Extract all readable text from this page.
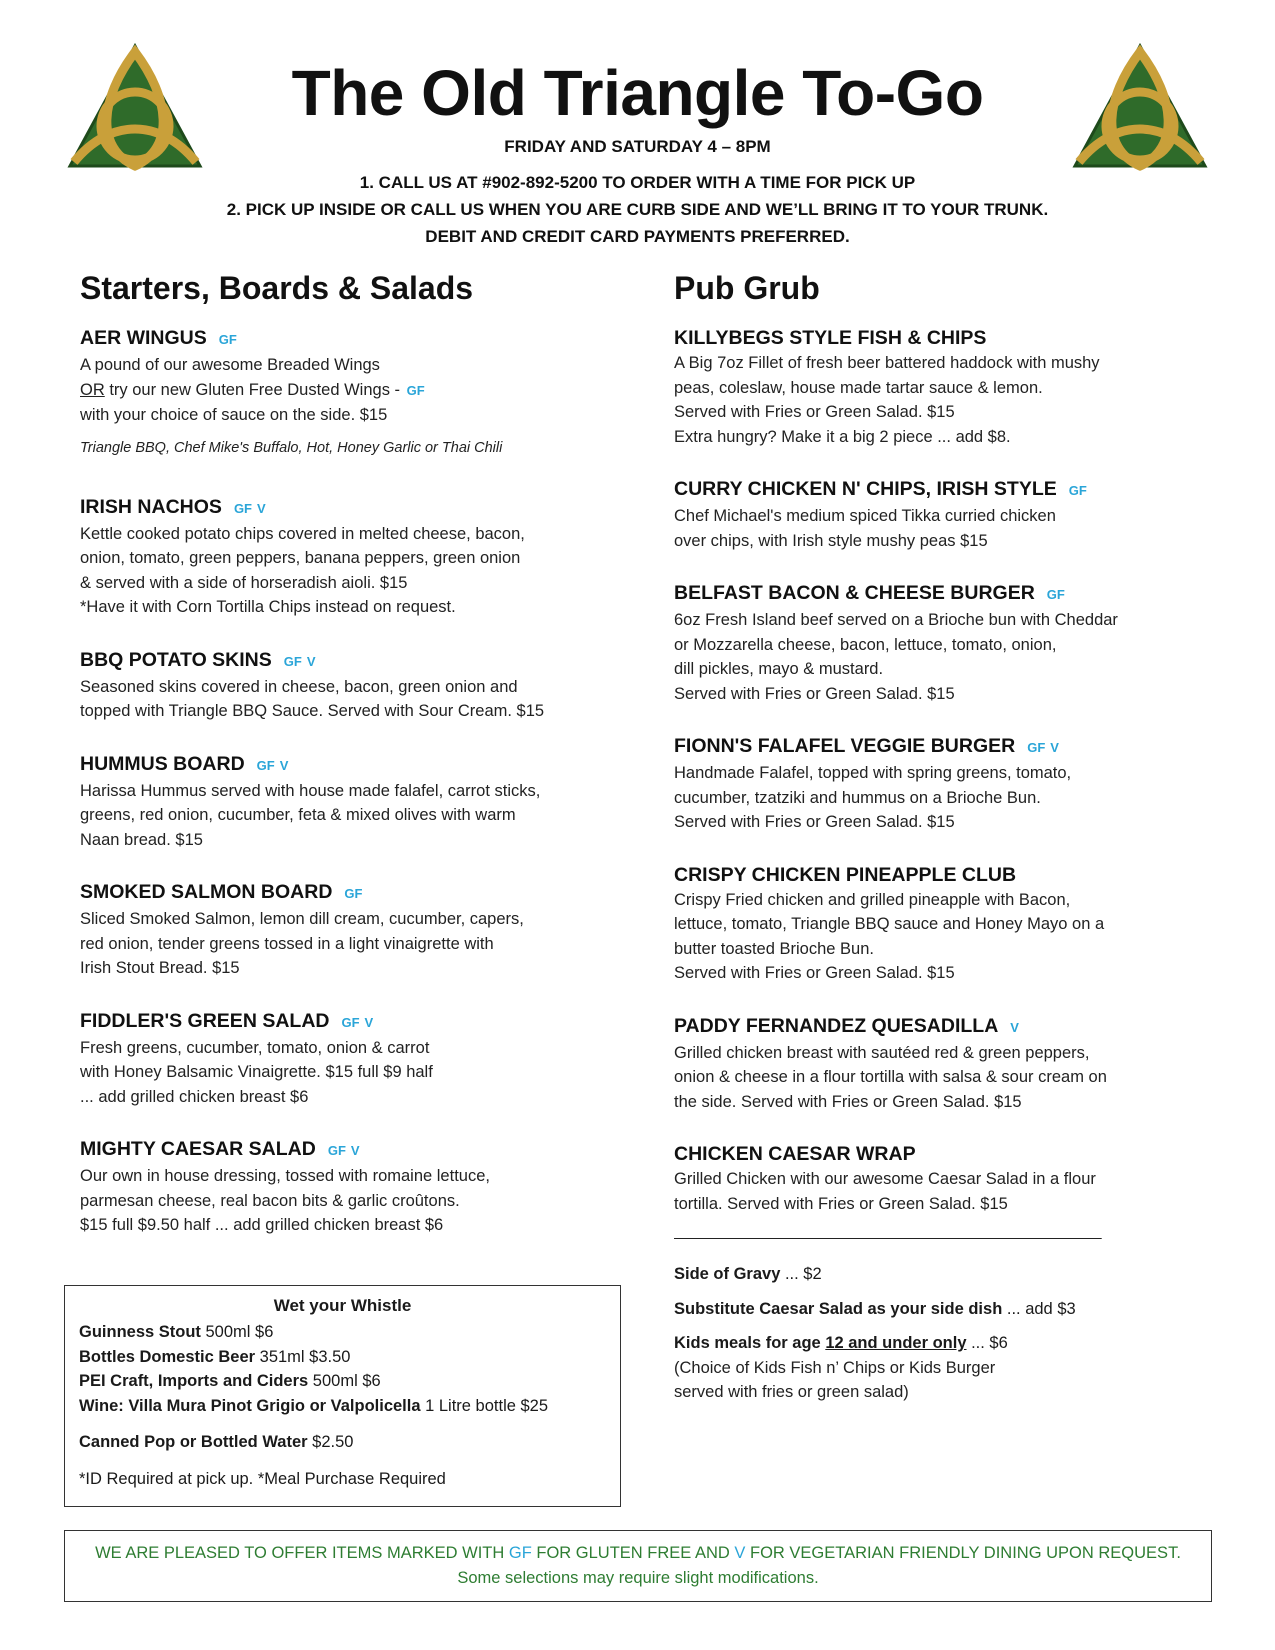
The Old Triangle To-Go
FRIDAY AND SATURDAY 4 – 8PM
1. CALL US AT #902-892-5200 TO ORDER WITH A TIME FOR PICK UP
2. PICK UP INSIDE OR CALL US WHEN YOU ARE CURB SIDE AND WE’LL BRING IT TO YOUR TRUNK.
DEBIT AND CREDIT CARD PAYMENTS PREFERRED.
Starters, Boards & Salads
AER WINGUS GF
A pound of our awesome Breaded Wings
OR try our new Gluten Free Dusted Wings - GF
with your choice of sauce on the side. $15
Triangle BBQ, Chef Mike's Buffalo, Hot, Honey Garlic or Thai Chili
IRISH NACHOS GF V
Kettle cooked potato chips covered in melted cheese, bacon,
onion, tomato, green peppers, banana peppers, green onion
& served with a side of horseradish aioli. $15
*Have it with Corn Tortilla Chips instead on request.
BBQ POTATO SKINS GF V
Seasoned skins covered in cheese, bacon, green onion and
topped with Triangle BBQ Sauce. Served with Sour Cream. $15
HUMMUS BOARD GF V
Harissa Hummus served with house made falafel, carrot sticks,
greens, red onion, cucumber, feta & mixed olives with warm
Naan bread. $15
SMOKED SALMON BOARD GF
Sliced Smoked Salmon, lemon dill cream, cucumber, capers,
red onion, tender greens tossed in a light vinaigrette with
Irish Stout Bread. $15
FIDDLER'S GREEN SALAD GF V
Fresh greens, cucumber, tomato, onion & carrot
with Honey Balsamic Vinaigrette. $15 full $9 half
... add grilled chicken breast $6
MIGHTY CAESAR SALAD GF V
Our own in house dressing, tossed with romaine lettuce,
parmesan cheese, real bacon bits & garlic croûtons.
$15 full $9.50 half ... add grilled chicken breast $6
Wet your Whistle
Guinness Stout 500ml $6
Bottles Domestic Beer 351ml $3.50
PEI Craft, Imports and Ciders 500ml $6
Wine: Villa Mura Pinot Grigio or Valpolicella 1 Litre bottle $25
Canned Pop or Bottled Water $2.50
*ID Required at pick up. *Meal Purchase Required
Pub Grub
KILLYBEGS STYLE FISH & CHIPS
A Big 7oz Fillet of fresh beer battered haddock with mushy
peas, coleslaw, house made tartar sauce & lemon.
Served with Fries or Green Salad. $15
Extra hungry? Make it a big 2 piece ... add $8.
CURRY CHICKEN N' CHIPS, IRISH STYLE GF
Chef Michael's medium spiced Tikka curried chicken
over chips, with Irish style mushy peas $15
BELFAST BACON & CHEESE BURGER GF
6oz Fresh Island beef served on a Brioche bun with Cheddar
or Mozzarella cheese, bacon, lettuce, tomato, onion,
dill pickles, mayo & mustard.
Served with Fries or Green Salad. $15
FIONN'S FALAFEL VEGGIE BURGER GF V
Handmade Falafel, topped with spring greens, tomato,
cucumber, tzatziki and hummus on a Brioche Bun.
Served with Fries or Green Salad. $15
CRISPY CHICKEN PINEAPPLE CLUB
Crispy Fried chicken and grilled pineapple with Bacon,
lettuce, tomato, Triangle BBQ sauce and Honey Mayo on a
butter toasted Brioche Bun.
Served with Fries or Green Salad. $15
PADDY FERNANDEZ QUESADILLA V
Grilled chicken breast with sautéed red & green peppers,
onion & cheese in a flour tortilla with salsa & sour cream on
the side. Served with Fries or Green Salad. $15
CHICKEN CAESAR WRAP
Grilled Chicken with our awesome Caesar Salad in a flour
tortilla. Served with Fries or Green Salad. $15
______________________________________________________
Side of Gravy ... $2
Substitute Caesar Salad as your side dish ... add $3
Kids meals for age 12 and under only ... $6
(Choice of Kids Fish n’ Chips or Kids Burger
served with fries or green salad)
WE ARE PLEASED TO OFFER ITEMS MARKED WITH GF FOR GLUTEN FREE AND V FOR VEGETARIAN FRIENDLY DINING UPON REQUEST.
Some selections may require slight modifications.
